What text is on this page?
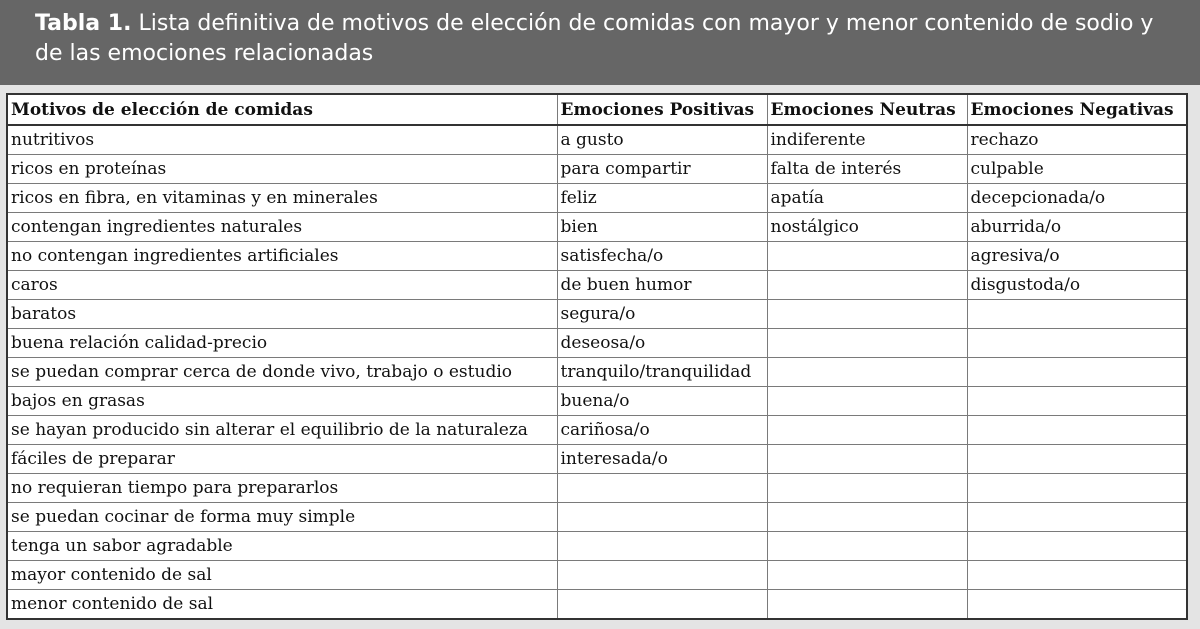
Tabla 1. Lista definitiva de motivos de elección de comidas con mayor y menor contenido de sodio y de las emociones relacionadas
Motivos de elección de comidas	Emociones Positivas	Emociones Neutras	Emociones Negativas
nutritivos	a gusto	indiferente	rechazo
ricos en proteínas	para compartir	falta de interés	culpable
ricos en fibra, en vitaminas y en minerales	feliz	apatía	decepcionada/o
contengan ingredientes naturales	bien	nostálgico	aburrida/o
no contengan ingredientes artificiales	satisfecha/o		agresiva/o
caros	de buen humor		disgustoda/o
baratos	segura/o		
buena relación calidad-precio	deseosa/o		
se puedan comprar cerca de donde vivo, trabajo o estudio	tranquilo/tranquilidad		
bajos en grasas	buena/o		
se hayan producido sin alterar el equilibrio de la naturaleza	cariñosa/o		
fáciles de preparar	interesada/o		
no requieran tiempo para prepararlos			
se puedan cocinar de forma muy simple			
tenga un sabor agradable			
mayor contenido de sal			
menor contenido de sal			
